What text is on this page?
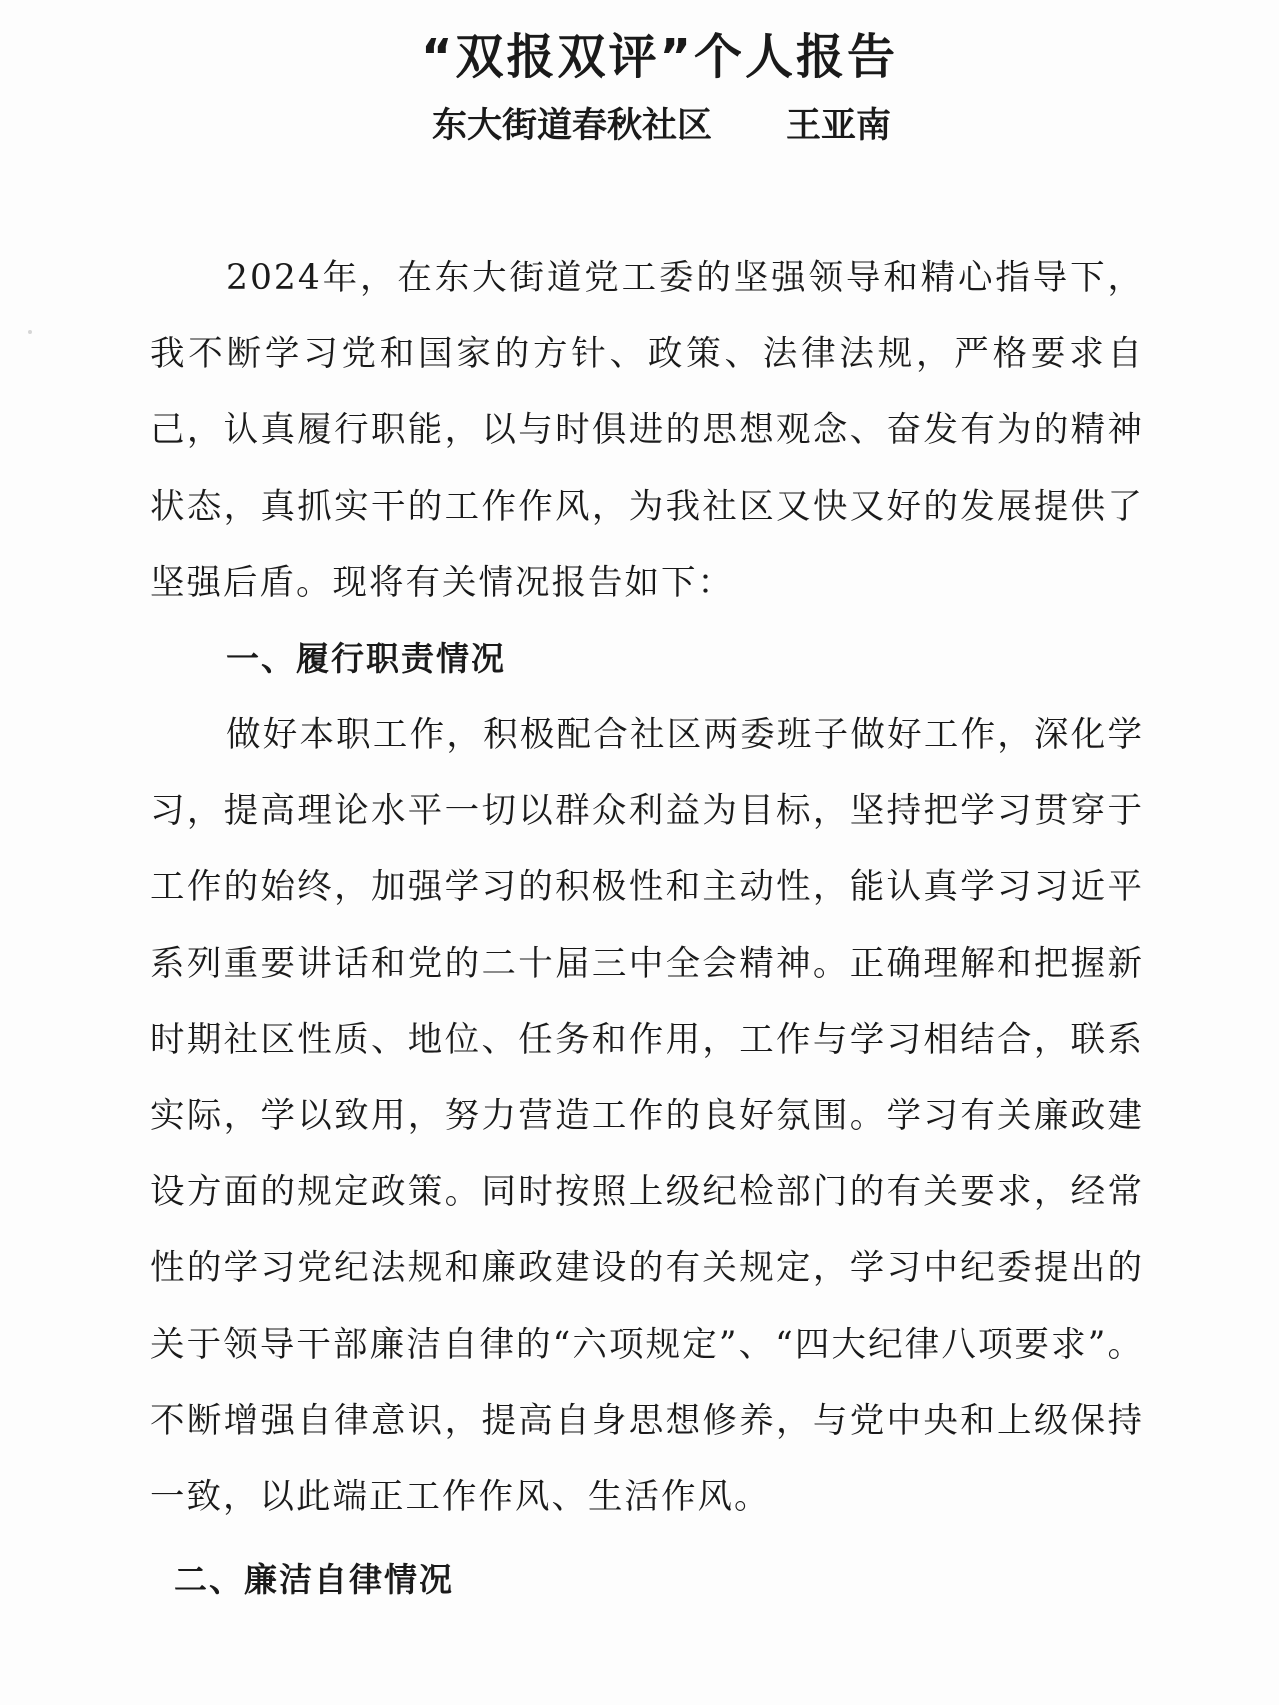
“双报双评”个人报告
东大街道春秋社区 王亚南

2024年，在东大街道党工委的坚强领导和精心指导下，我不断学习党和国家的方针、政策、法律法规，严格要求自己，认真履行职能，以与时俱进的思想观念、奋发有为的精神状态，真抓实干的工作作风，为我社区又快又好的发展提供了坚强后盾。现将有关情况报告如下：

一、履行职责情况

做好本职工作，积极配合社区两委班子做好工作，深化学习，提高理论水平一切以群众利益为目标，坚持把学习贯穿于工作的始终，加强学习的积极性和主动性，能认真学习习近平系列重要讲话和党的二十届三中全会精神。正确理解和把握新时期社区性质、地位、任务和作用，工作与学习相结合，联系实际，学以致用，努力营造工作的良好氛围。学习有关廉政建设方面的规定政策。同时按照上级纪检部门的有关要求，经常性的学习党纪法规和廉政建设的有关规定，学习中纪委提出的关于领导干部廉洁自律的“六项规定”、“四大纪律八项要求”。不断增强自律意识，提高自身思想修养，与党中央和上级保持一致，以此端正工作作风、生活作风。

二、廉洁自律情况
